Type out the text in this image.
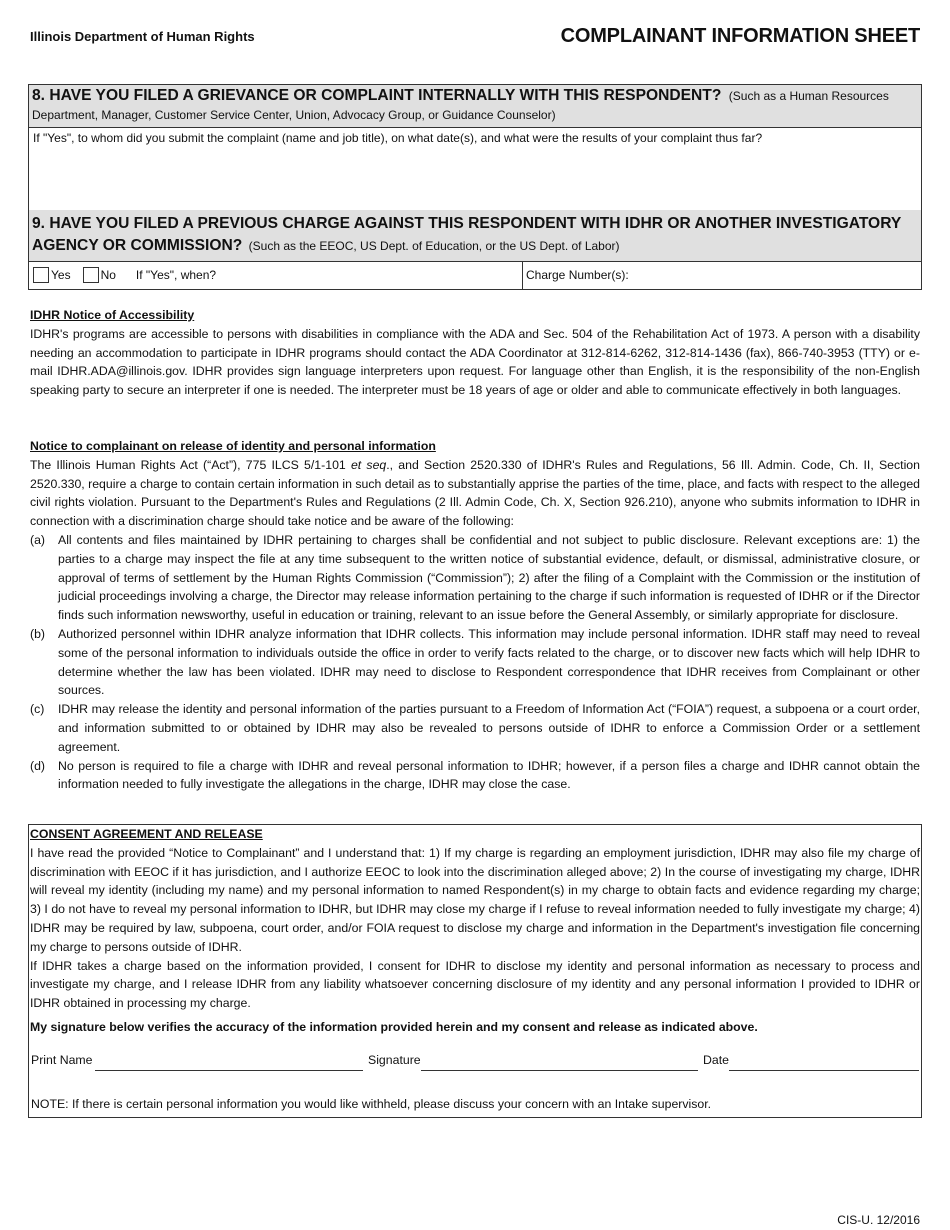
Illinois Department of Human Rights	COMPLAINANT INFORMATION SHEET
8. HAVE YOU FILED A GRIEVANCE OR COMPLAINT INTERNALLY WITH THIS RESPONDENT? (Such as a Human Resources
Department, Manager, Customer Service Center, Union, Advocacy Group, or Guidance Counselor)
If "Yes", to whom did you submit the complaint (name and job title), on what date(s), and what were the results of your complaint thus far?
9. HAVE YOU FILED A PREVIOUS CHARGE AGAINST THIS RESPONDENT WITH IDHR OR ANOTHER INVESTIGATORY
AGENCY OR COMMISSION? (Such as the EEOC, US Dept. of Education, or the US Dept. of Labor)
Yes	No If "Yes", when?	Charge Number(s):
IDHR Notice of Accessibility

IDHR's programs are accessible to persons with disabilities in compliance with the ADA and Sec. 504 of the Rehabilitation Act of 1973. A person with a disability needing an accommodation to participate in IDHR programs should contact the ADA Coordinator at 312-814-6262, 312-814-1436 (fax), 866-740-3953 (TTY) or e-mail IDHR.ADA@illinois.gov. IDHR provides sign language interpreters upon request. For language other than English, it is the responsibility of the non-English speaking party to secure an interpreter if one is needed. The interpreter must be 18 years of age or older and able to communicate effectively in both languages.

Notice to complainant on release of identity and personal information

The Illinois Human Rights Act (“Act”), 775 ILCS 5/1-101 et seq., and Section 2520.330 of IDHR's Rules and Regulations, 56 Ill. Admin. Code, Ch. II, Section 2520.330, require a charge to contain certain information in such detail as to substantially apprise the parties of the time, place, and facts with respect to the alleged civil rights violation. Pursuant to the Department's Rules and Regulations (2 Ill. Admin Code, Ch. X, Section 926.210), anyone who submits information to IDHR in connection with a discrimination charge should take notice and be aware of the following:

(a)	All contents and files maintained by IDHR pertaining to charges shall be confidential and not subject to public disclosure. Relevant exceptions are: 1) the parties to a charge may inspect the file at any time subsequent to the written notice of substantial evidence, default, or dismissal, administrative closure, or approval of terms of settlement by the Human Rights Commission (“Commission”); 2) after the filing of a Complaint with the Commission or the institution of judicial proceedings involving a charge, the Director may release information pertaining to the charge if such information is requested of IDHR or if the Director finds such information newsworthy, useful in education or training, relevant to an issue before the General Assembly, or similarly appropriate for disclosure.
(b)	Authorized personnel within IDHR analyze information that IDHR collects. This information may include personal information. IDHR staff may need to reveal some of the personal information to individuals outside the office in order to verify facts related to the charge, or to discover new facts which will help IDHR to determine whether the law has been violated. IDHR may need to disclose to Respondent correspondence that IDHR receives from Complainant or other sources.
(c)	IDHR may release the identity and personal information of the parties pursuant to a Freedom of Information Act (“FOIA”) request, a subpoena or a court order, and information submitted to or obtained by IDHR may also be revealed to persons outside of IDHR to enforce a Commission Order or a settlement agreement.
(d)	No person is required to file a charge with IDHR and reveal personal information to IDHR; however, if a person files a charge and IDHR cannot obtain the information needed to fully investigate the allegations in the charge, IDHR may close the case.
CONSENT AGREEMENT AND RELEASE

I have read the provided “Notice to Complainant” and I understand that: 1) If my charge is regarding an employment jurisdiction, IDHR may also file my charge of discrimination with EEOC if it has jurisdiction, and I authorize EEOC to look into the discrimination alleged above; 2) In the course of investigating my charge, IDHR will reveal my identity (including my name) and my personal information to named Respondent(s) in my charge to obtain facts and evidence regarding my charge; 3) I do not have to reveal my personal information to IDHR, but IDHR may close my charge if I refuse to reveal information needed to fully investigate my charge; 4) IDHR may be required by law, subpoena, court order, and/or FOIA request to disclose my charge and information in the Department's investigation file concerning my charge to persons outside of IDHR.

If IDHR takes a charge based on the information provided, I consent for IDHR to disclose my identity and personal information as necessary to process and investigate my charge, and I release IDHR from any liability whatsoever concerning disclosure of my identity and any personal information I provided to IDHR or IDHR obtained in processing my charge.

My signature below verifies the accuracy of the information provided herein and my consent and release as indicated above.

Print Name	Signature	Date
NOTE: If there is certain personal information you would like withheld, please discuss your concern with an Intake supervisor.
CIS-U. 12/2016
